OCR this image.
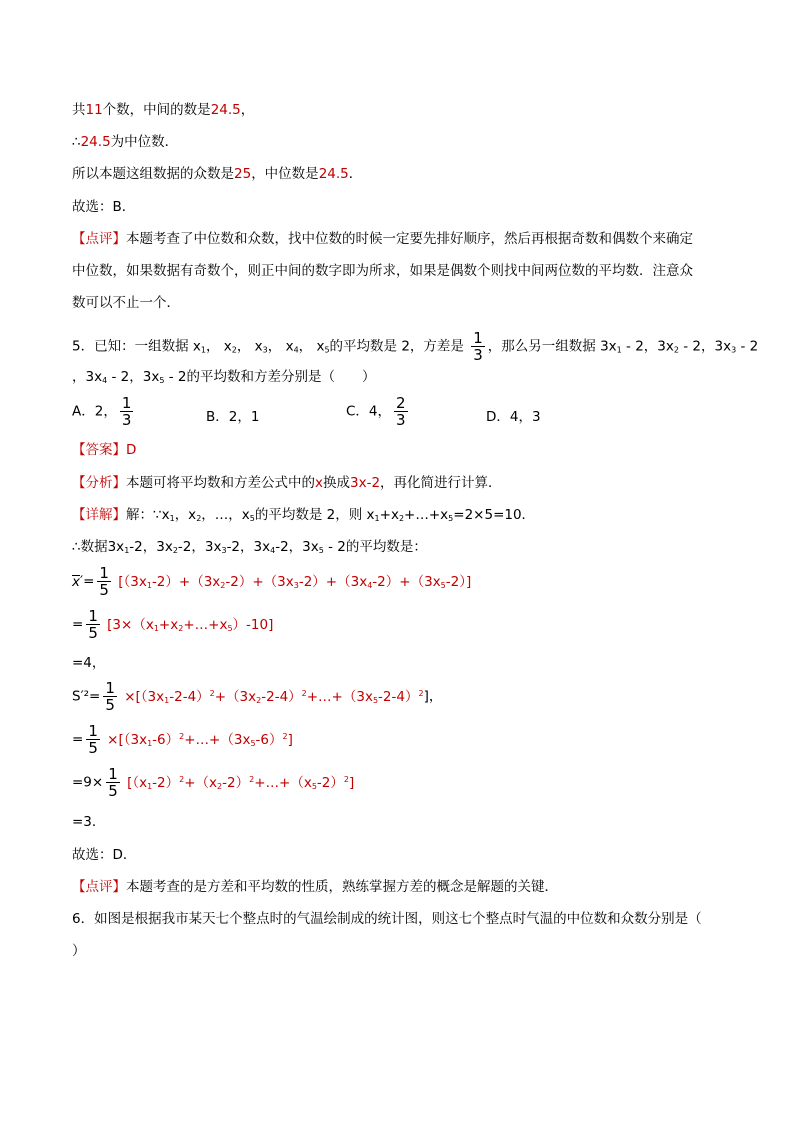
共11个数，中间的数是24.5，
∴24.5为中位数．
所以本题这组数据的众数是25，中位数是24.5．
故选：B．
【点评】本题考查了中位数和众数，找中位数的时候一定要先排好顺序，然后再根据奇数和偶数个来确定
中位数，如果数据有奇数个，则正中间的数字即为所求，如果是偶数个则找中间两位数的平均数．注意众
数可以不止一个．
5．已知：一组数据 $x_1$， $x_2$， $x_3$， $x_4$， $x_5$的平均数是 2，方差是 $\frac{1}{3}$ ，那么另一组数据 $3x_1 - 2$，$3x_2 - 2$，$3x_3 - 2$
，$3x_4 - 2$，$3x_5 - 2$的平均数和方差分别是（　　）
A．2， $\frac{1}{3}$	B．2，1	C．4， $\frac{2}{3}$	D．4，3
【答案】D
【分析】本题可将平均数和方差公式中的x换成3x-2，再化简进行计算．
【详解】解：$\because x_1$，$x_2$，…，$x_5$的平均数是 2，则 $x_1+x_2+\dots+x_5=2\times 5=10$．
∴数据$3x_1-2$，$3x_2-2$，$3x_3-2$，$3x_4-2$，$3x_5 - 2$的平均数是：
$x'= \frac{1}{5} [(3x_1-2)+(3x_2-2)+(3x_3-2)+(3x_4-2)+(3x_5-2)]$
= $\frac{1}{5}$ $[3\times(x_1+x_2+\dots+x_5)-10]$
=4，
$S'^2= \frac{1}{5}$ $\times[(3x_1-2-4)^2+(3x_2-2-4)^2+\dots+(3x_5-2-4)^2]$，
= $\frac{1}{5}$ $\times[(3x_1-6)^2+\dots+(3x_5-6)^2]$
$=9\times \frac{1}{5}$ $[(x_1-2)^2+(x_2-2)^2+\dots+(x_5-2)^2]$
=3．
故选：D．
【点评】本题考查的是方差和平均数的性质，熟练掌握方差的概念是解题的关键．
6．如图是根据我市某天七个整点时的气温绘制成的统计图，则这七个整点时气温的中位数和众数分别是（
）
